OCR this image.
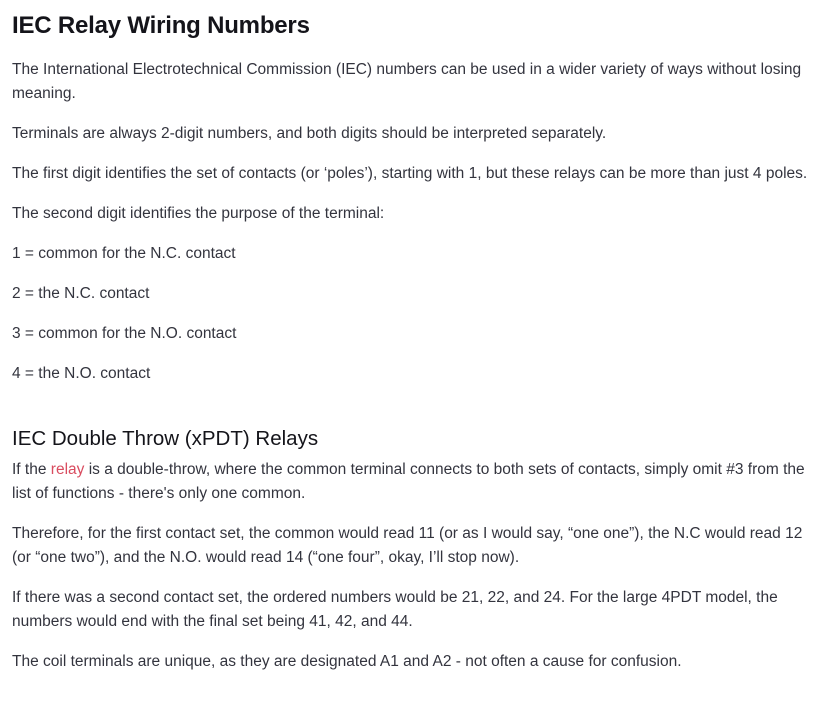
IEC Relay Wiring Numbers

The International Electrotechnical Commission (IEC) numbers can be used in a wider variety of ways without losing meaning.

Terminals are always 2-digit numbers, and both digits should be interpreted separately.

The first digit identifies the set of contacts (or ‘poles’), starting with 1, but these relays can be more than just 4 poles.

The second digit identifies the purpose of the terminal:

1 = common for the N.C. contact

2 = the N.C. contact

3 = common for the N.O. contact

4 = the N.O. contact

IEC Double Throw (xPDT) Relays

If the relay is a double-throw, where the common terminal connects to both sets of contacts, simply omit #3 from the list of functions - there's only one common.

Therefore, for the first contact set, the common would read 11 (or as I would say, “one one”), the N.C would read 12 (or “one two”), and the N.O. would read 14 (“one four”, okay, I’ll stop now).

If there was a second contact set, the ordered numbers would be 21, 22, and 24. For the large 4PDT model, the numbers would end with the final set being 41, 42, and 44.

The coil terminals are unique, as they are designated A1 and A2 - not often a cause for confusion.
